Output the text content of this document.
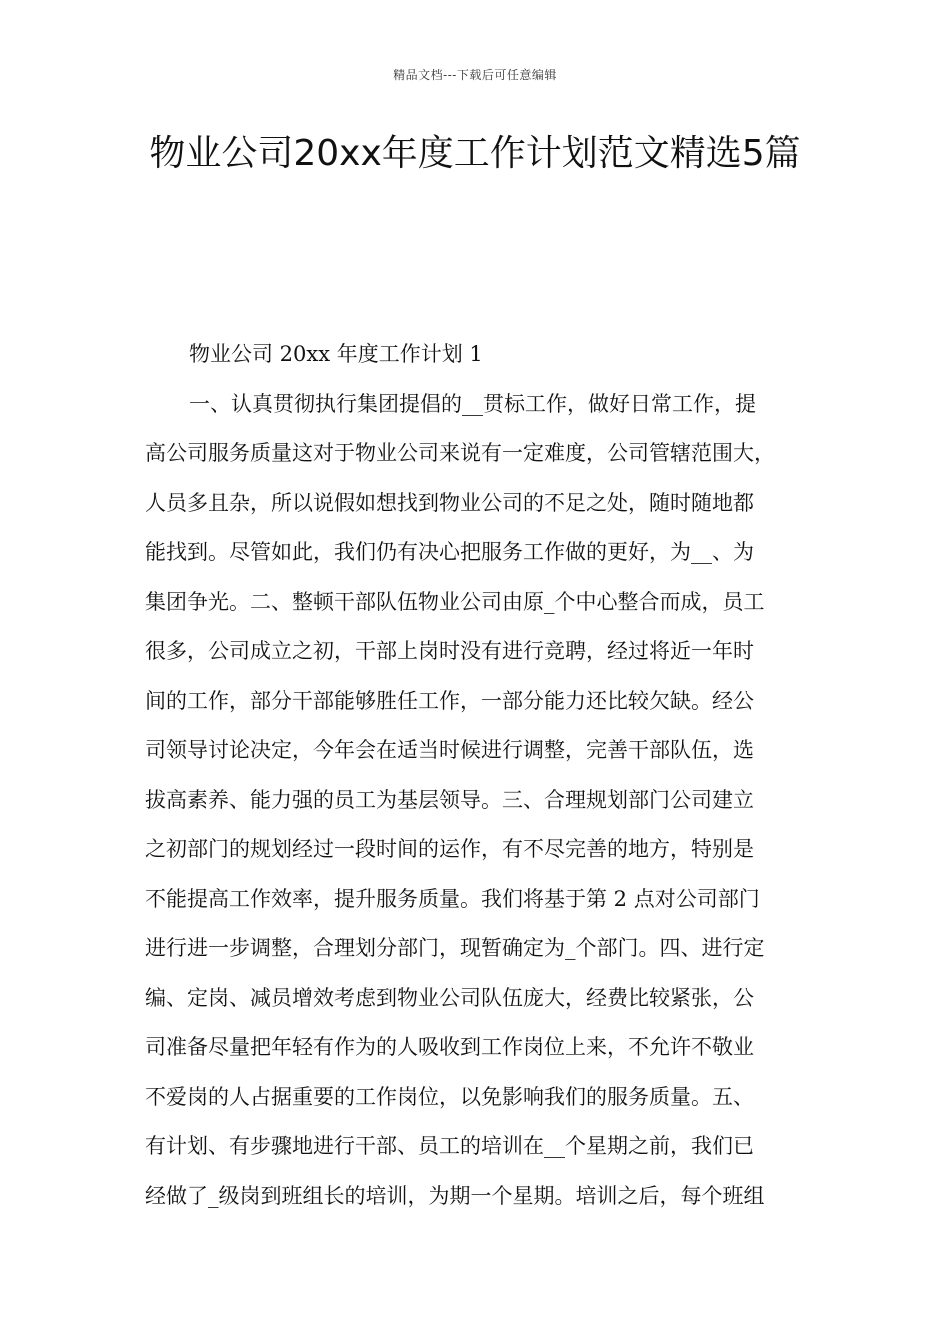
精品文档---下载后可任意编辑
物业公司20xx年度工作计划范文精选5篇
物业公司 20xx 年度工作计划 1
一、认真贯彻执行集团提倡的__贯标工作，做好日常工作，提
高公司服务质量这对于物业公司来说有一定难度，公司管辖范围大，
人员多且杂，所以说假如想找到物业公司的不足之处，随时随地都
能找到。尽管如此，我们仍有决心把服务工作做的更好，为__、为
集团争光。二、整顿干部队伍物业公司由原_个中心整合而成，员工
很多，公司成立之初，干部上岗时没有进行竞聘，经过将近一年时
间的工作，部分干部能够胜任工作，一部分能力还比较欠缺。经公
司领导讨论决定，今年会在适当时候进行调整，完善干部队伍，选
拔高素养、能力强的员工为基层领导。三、合理规划部门公司建立
之初部门的规划经过一段时间的运作，有不尽完善的地方，特别是
不能提高工作效率，提升服务质量。我们将基于第 2 点对公司部门
进行进一步调整，合理划分部门，现暂确定为_个部门。四、进行定
编、定岗、减员增效考虑到物业公司队伍庞大，经费比较紧张，公
司准备尽量把年轻有作为的人吸收到工作岗位上来，不允许不敬业
不爱岗的人占据重要的工作岗位，以免影响我们的服务质量。五、
有计划、有步骤地进行干部、员工的培训在__个星期之前，我们已
经做了_级岗到班组长的培训，为期一个星期。培训之后，每个班组
